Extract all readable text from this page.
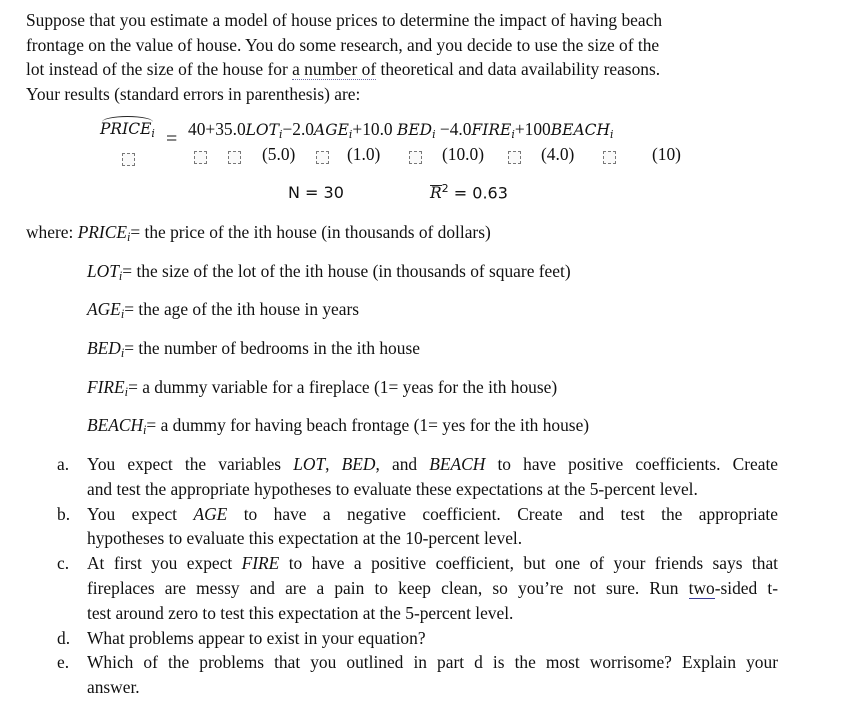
Suppose that you estimate a model of house prices to determine the impact of having beach
frontage on the value of house. You do some research, and you decide to use the size of the
lot instead of the size of the house for a number of theoretical and data availability reasons.
Your results (standard errors in parenthesis) are:
$PRICE_i = 40+35.0LOT_i-2.0AGE_i+10.0$ $BED_i$ $-4.0FIRE_i+100BEACH_i$
(5.0)	(1.0)	(10.0)	(4.0)	(10)
N = 30	$R^2 = 0.63$
where: $PRICE_i=$ the price of the ith house (in thousands of dollars)
$LOT_i=$ the size of the lot of the ith house (in thousands of square feet)
$AGE_i=$ the age of the ith house in years
$BED_i=$ the number of bedrooms in the ith house
$FIRE_i= a$ dummy variable for a fireplace (1= yeas for the ith house)
$BEACH_i= a$ dummy for having beach frontage (1= yes for the ith house)
a. You expect the variables LOT, BED, and BEACH to have positive coefficients. Create
and test the appropriate hypotheses to evaluate these expectations at the 5-percent level.
b. You expect AGE to have a negative coefficient. Create and test the appropriate
hypotheses to evaluate this expectation at the 10-percent level.
c. At first you expect FIRE to have a positive coefficient, but one of your friends says that
fireplaces are messy and are a pain to keep clean, so you’re not sure. Run two-sided t-
test around zero to test this expectation at the 5-percent level.
d. What problems appear to exist in your equation?
e. Which of the problems that you outlined in part d is the most worrisome? Explain your
answer.
